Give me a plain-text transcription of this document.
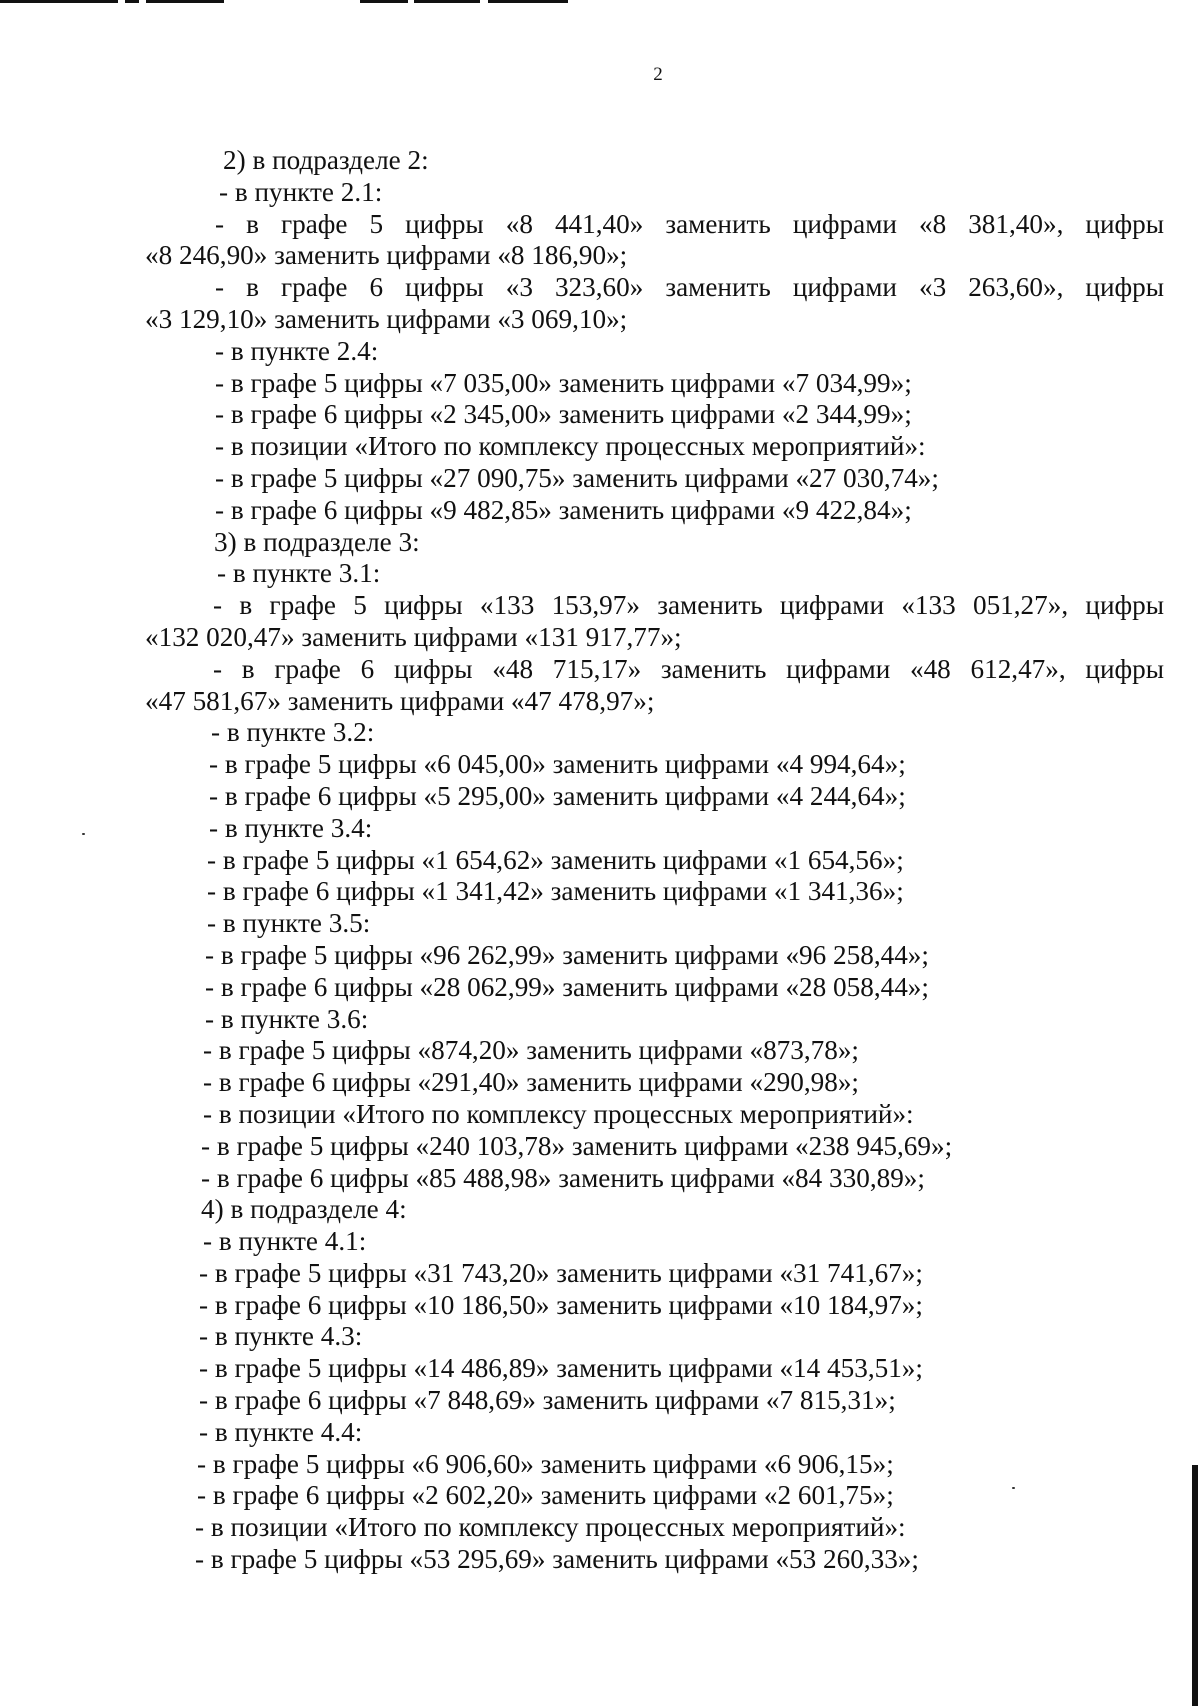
2
2) в подразделе 2:
- в пункте 2.1:
- в графе 5 цифры «8 441,40» заменить цифрами «8 381,40», цифры
«8 246,90» заменить цифрами «8 186,90»;
- в графе 6 цифры «3 323,60» заменить цифрами «3 263,60», цифры
«3 129,10» заменить цифрами «3 069,10»;
- в пункте 2.4:
- в графе 5 цифры «7 035,00» заменить цифрами «7 034,99»;
- в графе 6 цифры «2 345,00» заменить цифрами «2 344,99»;
- в позиции «Итого по комплексу процессных мероприятий»:
- в графе 5 цифры «27 090,75» заменить цифрами «27 030,74»;
- в графе 6 цифры «9 482,85» заменить цифрами «9 422,84»;
3) в подразделе 3:
- в пункте 3.1:
- в графе 5 цифры «133 153,97» заменить цифрами «133 051,27», цифры
«132 020,47» заменить цифрами «131 917,77»;
- в графе 6 цифры «48 715,17» заменить цифрами «48 612,47», цифры
«47 581,67» заменить цифрами «47 478,97»;
- в пункте 3.2:
- в графе 5 цифры «6 045,00» заменить цифрами «4 994,64»;
- в графе 6 цифры «5 295,00» заменить цифрами «4 244,64»;
- в пункте 3.4:
- в графе 5 цифры «1 654,62» заменить цифрами «1 654,56»;
- в графе 6 цифры «1 341,42» заменить цифрами «1 341,36»;
- в пункте 3.5:
- в графе 5 цифры «96 262,99» заменить цифрами «96 258,44»;
- в графе 6 цифры «28 062,99» заменить цифрами «28 058,44»;
- в пункте 3.6:
- в графе 5 цифры «874,20» заменить цифрами «873,78»;
- в графе 6 цифры «291,40» заменить цифрами «290,98»;
- в позиции «Итого по комплексу процессных мероприятий»:
- в графе 5 цифры «240 103,78» заменить цифрами «238 945,69»;
- в графе 6 цифры «85 488,98» заменить цифрами «84 330,89»;
4) в подразделе 4:
- в пункте 4.1:
- в графе 5 цифры «31 743,20» заменить цифрами «31 741,67»;
- в графе 6 цифры «10 186,50» заменить цифрами «10 184,97»;
- в пункте 4.3:
- в графе 5 цифры «14 486,89» заменить цифрами «14 453,51»;
- в графе 6 цифры «7 848,69» заменить цифрами «7 815,31»;
- в пункте 4.4:
- в графе 5 цифры «6 906,60» заменить цифрами «6 906,15»;
- в графе 6 цифры «2 602,20» заменить цифрами «2 601,75»;
- в позиции «Итого по комплексу процессных мероприятий»:
- в графе 5 цифры «53 295,69» заменить цифрами «53 260,33»;
